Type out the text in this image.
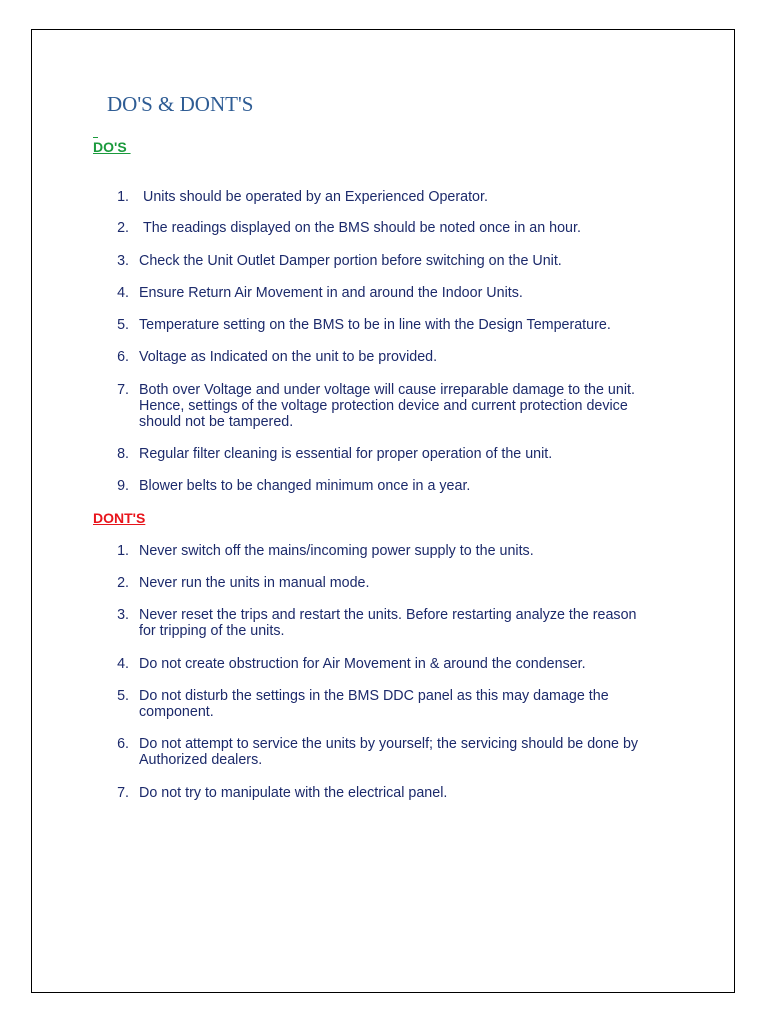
DO'S & DONT'S
DO'S
1. Units should be operated by an Experienced Operator.
2. The readings displayed on the BMS should be noted once in an hour.
3. Check the Unit Outlet Damper portion before switching on the Unit.
4. Ensure Return Air Movement in and around the Indoor Units.
5. Temperature setting on the BMS to be in line with the Design Temperature.
6. Voltage as Indicated on the unit to be provided.
7. Both over Voltage and under voltage will cause irreparable damage to the unit.
Hence, settings of the voltage protection device and current protection device
should not be tampered.
8. Regular filter cleaning is essential for proper operation of the unit.
9. Blower belts to be changed minimum once in a year.
DONT'S
1. Never switch off the mains/incoming power supply to the units.
2. Never run the units in manual mode.
3. Never reset the trips and restart the units. Before restarting analyze the reason
for tripping of the units.
4. Do not create obstruction for Air Movement in & around the condenser.
5. Do not disturb the settings in the BMS DDC panel as this may damage the
component.
6. Do not attempt to service the units by yourself; the servicing should be done by
Authorized dealers.
7. Do not try to manipulate with the electrical panel.
